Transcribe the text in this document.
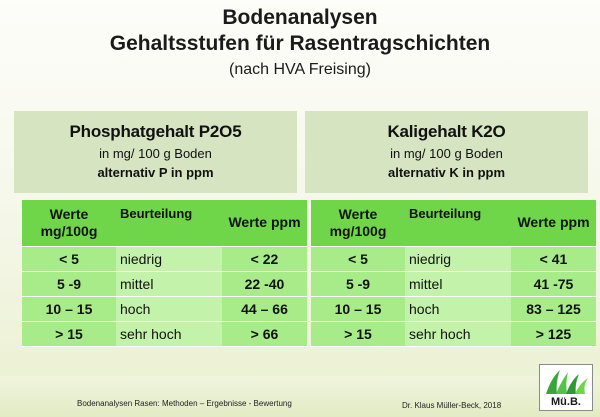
Bodenanalysen
Gehaltsstufen für Rasentragschichten
(nach HVA Freising)
Phosphatgehalt P2O5
in mg/ 100 g Boden
alternativ P in ppm
Kaligehalt K2O
in mg/ 100 g Boden
alternativ K in ppm
Werte mg/100g	Beurteilung	Werte ppm
< 5	niedrig	< 22
5 -9	mittel	22 -40
10 – 15	hoch	44 – 66
> 15	sehr hoch	> 66
Werte mg/100g	Beurteilung	Werte ppm
< 5	niedrig	< 41
5 -9	mittel	41 -75
10 – 15	hoch	83 – 125
> 15	sehr hoch	> 125
Bodenanalysen Rasen: Methoden – Ergebnisse - Bewertung	Dr. Klaus Müller-Beck, 2018	Mü.B.
